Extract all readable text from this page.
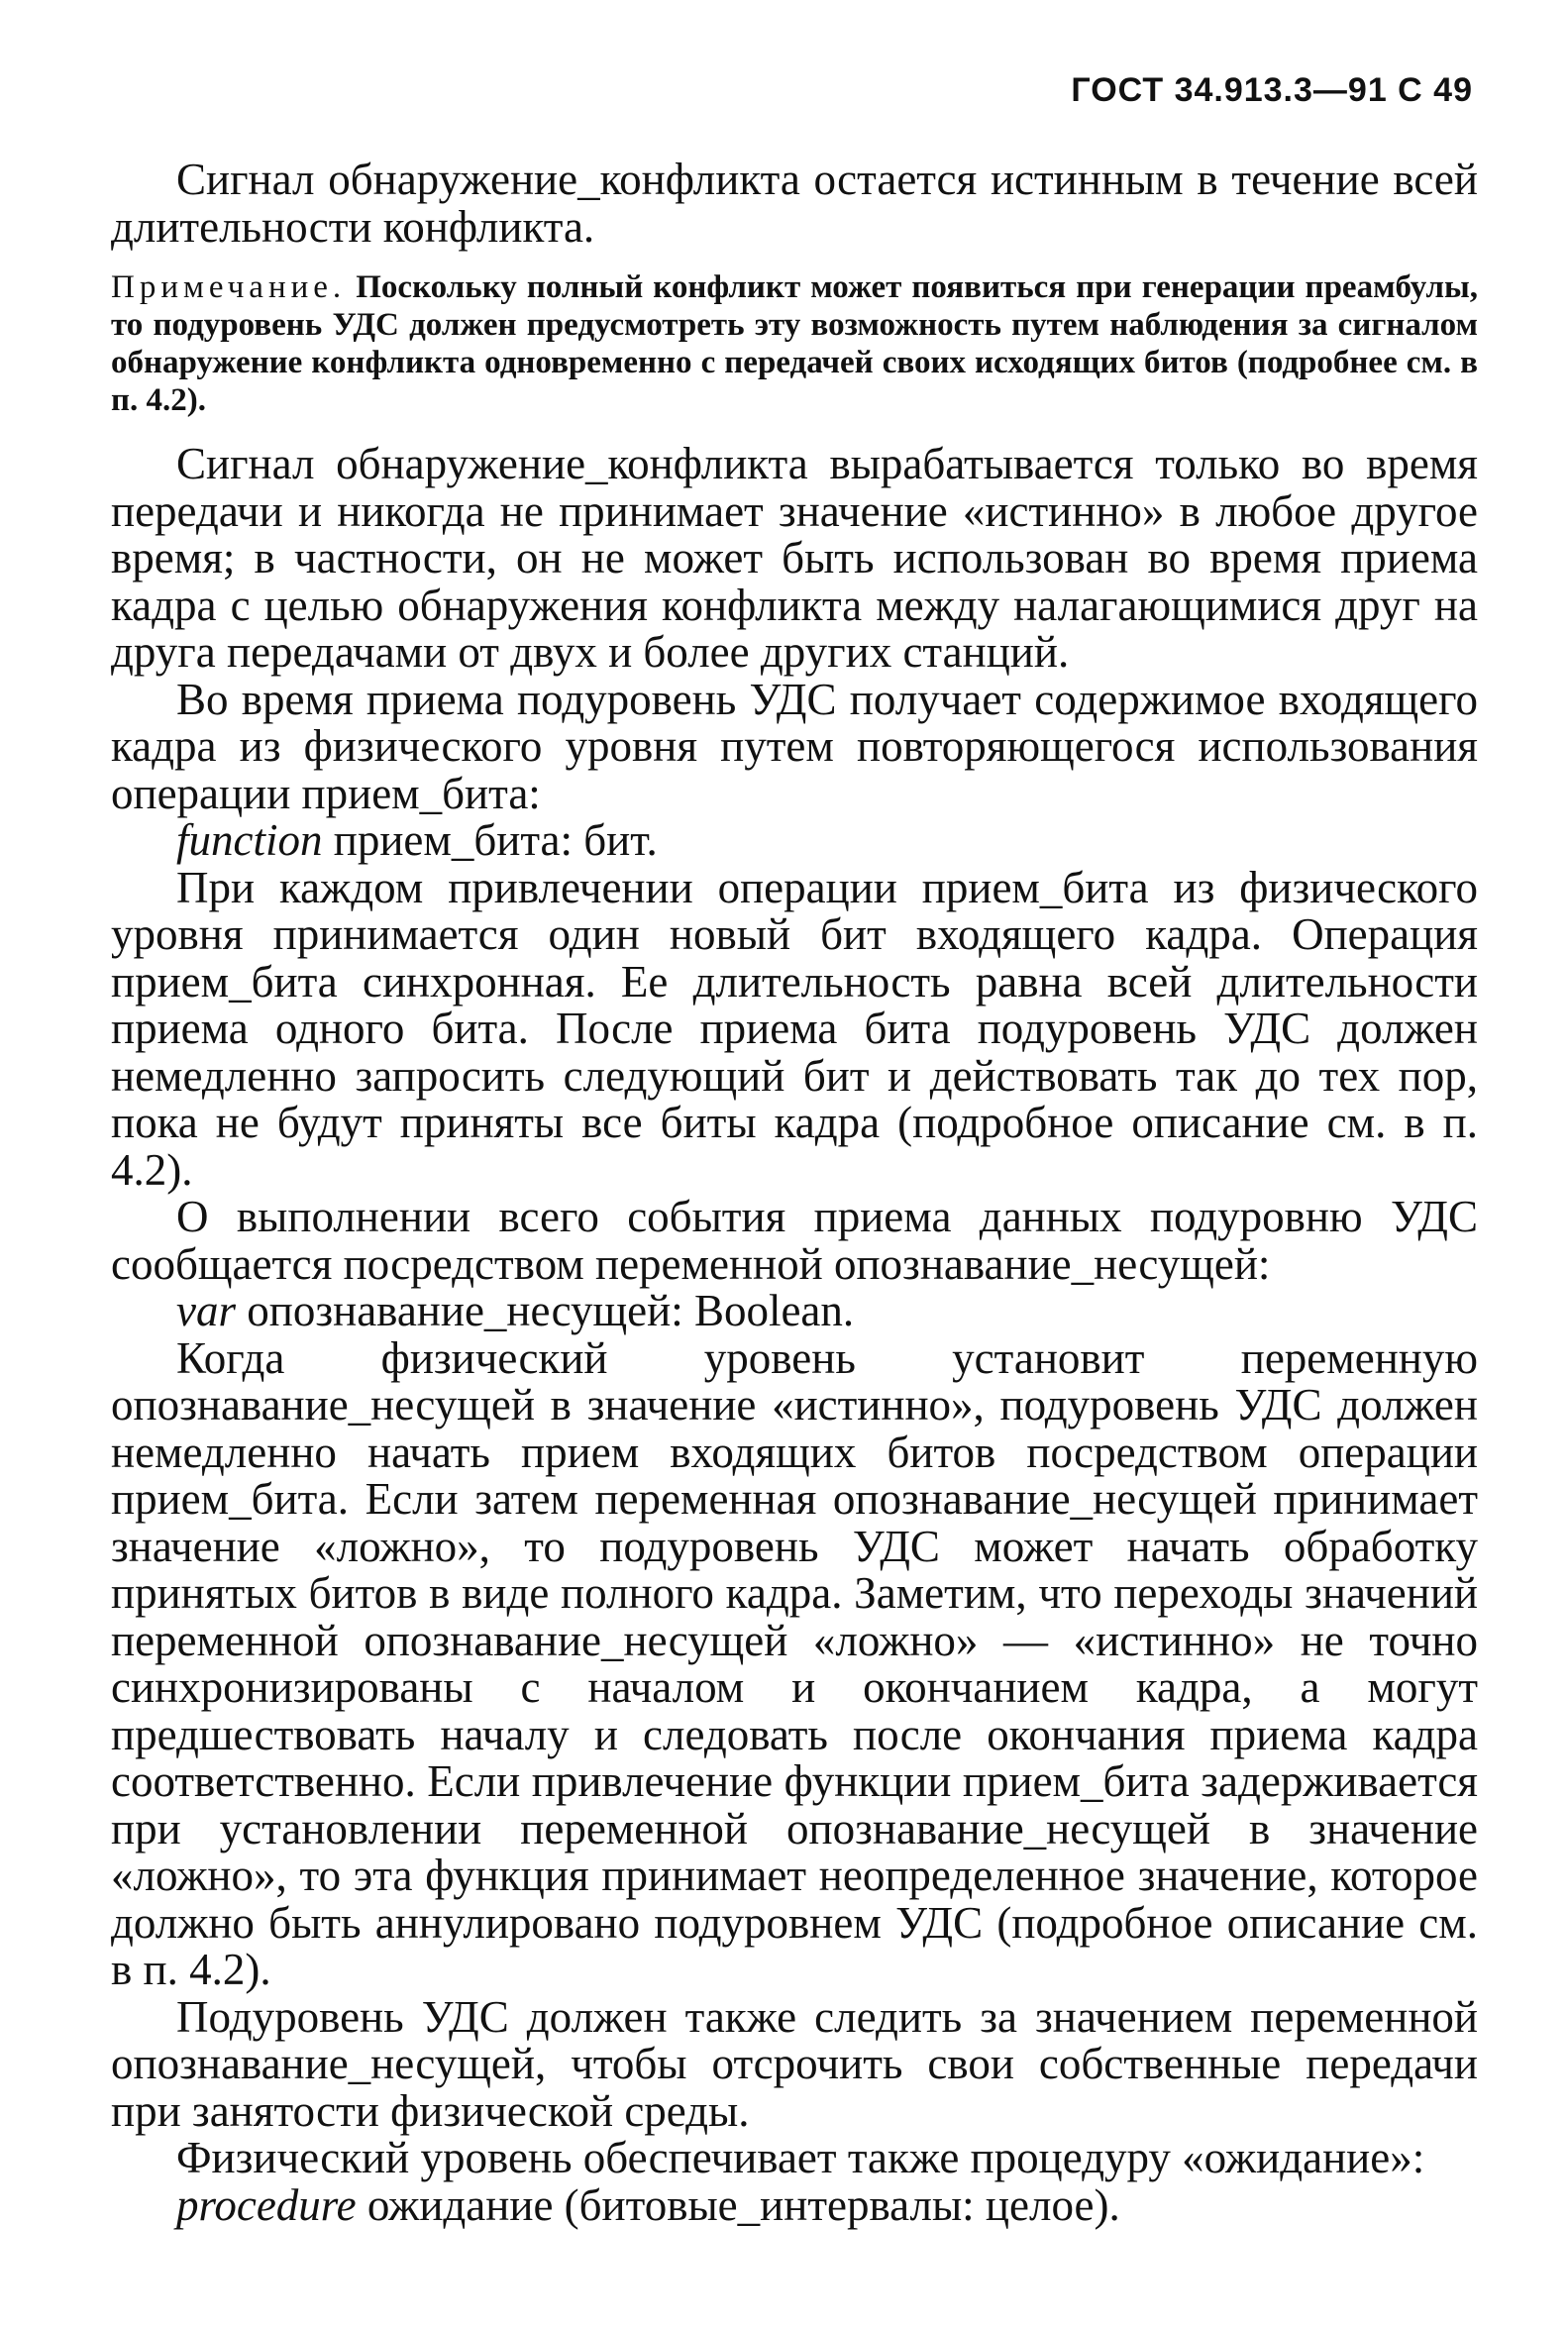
ГОСТ 34.913.3—91 С 49

Сигнал обнаружение_конфликта остается истинным в течение всей длительности конфликта.

Примечание. Поскольку полный конфликт может появиться при генерации преамбулы, то подуровень УДС должен предусмотреть эту возможность путем наблюдения за сигналом обнаружение конфликта одновременно с передачей своих исходящих битов (подробнее см. в п. 4.2).

Сигнал обнаружение_конфликта вырабатывается только во время передачи и никогда не принимает значение «истинно» в любое другое время; в частности, он не может быть использован во время приема кадра с целью обнаружения конфликта между налагающимися друг на друга передачами от двух и более других станций.

Во время приема подуровень УДС получает содержимое входящего кадра из физического уровня путем повторяющегося использования операции прием_бита:

function прием_бита: бит.

При каждом привлечении операции прием_бита из физического уровня принимается один новый бит входящего кадра. Операция прием_бита синхронная. Ее длительность равна всей длительности приема одного бита. После приема бита подуровень УДС должен немедленно запросить следующий бит и действовать так до тех пор, пока не будут приняты все биты кадра (подробное описание см. в п. 4.2).

О выполнении всего события приема данных подуровню УДС сообщается посредством переменной опознавание_несущей:

var опознавание_несущей: Boolean.

Когда физический уровень установит переменную опознавание_несущей в значение «истинно», подуровень УДС должен немедленно начать прием входящих битов посредством операции прием_бита. Если затем переменная опознавание_несущей принимает значение «ложно», то подуровень УДС может начать обработку принятых битов в виде полного кадра. Заметим, что переходы значений переменной опознавание_несущей «ложно» — «истинно» не точно синхронизированы с началом и окончанием кадра, а могут предшествовать началу и следовать после окончания приема кадра соответственно. Если привлечение функции прием_бита задерживается при установлении переменной опознавание_несущей в значение «ложно», то эта функция принимает неопределенное значение, которое должно быть аннулировано подуровнем УДС (подробное описание см. в п. 4.2).

Подуровень УДС должен также следить за значением переменной опознавание_несущей, чтобы отсрочить свои собственные передачи при занятости физической среды.

Физический уровень обеспечивает также процедуру «ожидание»:

procedure ожидание (битовые_интервалы: целое).
